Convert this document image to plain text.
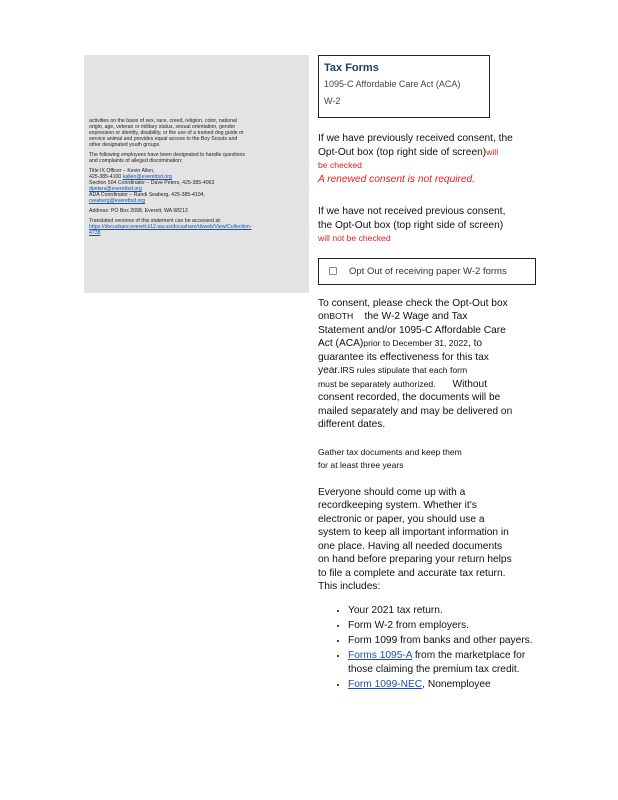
activities on the basis of sex, race, creed, religion, color, national
origin, age, veteran or military status, sexual orientation, gender
expression or identity, disability, or the use of a trained dog guide or
service animal and provides equal access to the Boy Scouts and
other designated youth groups.

The following employees have been designated to handle questions
and complaints of alleged discrimination:

Title IX Officer – Kevin Allen,
425-385-4100 kallen@everettsd.org
Section 504 Coordinator – Dave Peters, 425-385-4063
dpeters@everettsd.org
ADA Coordinator – Randi Seaberg, 425-385-4104,
rseaberg@everettsd.org

Address: PO Box 2098, Everett, WA 98213

Translated versions of this statement can be accessed at:
https://docushare.everett.k12.wa.us/docushare/dsweb/View/Collection-
4738

Tax Forms
1095-C Affordable Care Act (ACA)
W-2

If we have previously received consent, the
Opt-Out box (top right side of screen)will
be checked
A renewed consent is not required.

If we have not received previous consent,
the Opt-Out box (top right side of screen)
will not be checked

Opt Out of receiving paper W-2 forms

To consent, please check the Opt-Out box
onBOTH the W-2 Wage and Tax
Statement and/or 1095-C Affordable Care
Act (ACA)prior to December 31, 2022, to
guarantee its effectiveness for this tax
year.IRS rules stipulate that each form
must be separately authorized. Without
consent recorded, the documents will be
mailed separately and may be delivered on
different dates.

Gather tax documents and keep them
for at least three years

Everyone should come up with a
recordkeeping system. Whether it's
electronic or paper, you should use a
system to keep all important information in
one place. Having all needed documents
on hand before preparing your return helps
to file a complete and accurate tax return.
This includes:

• Your 2021 tax return.
• Form W-2 from employers.
• Form 1099 from banks and other payers.
• Forms 1095-A from the marketplace for those claiming the premium tax credit.
• Form 1099-NEC, Nonemployee
